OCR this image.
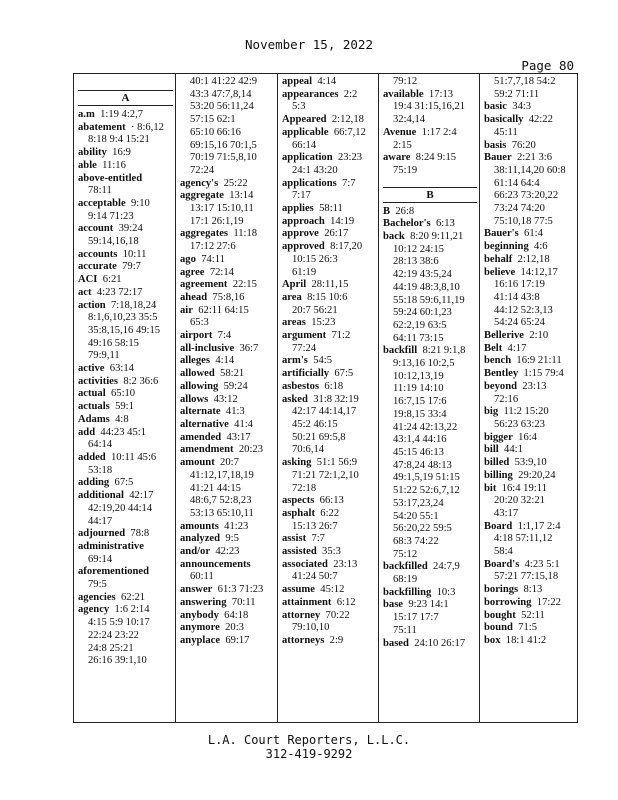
November 15, 2022
Page 80
A
a.m 1:19 4:2,7
abatement · 8:6,12
8:18 9:4 15:21
ability 16:9
able 11:16
above-entitled
78:11
acceptable 9:10
9:14 71:23
account 39:24
59:14,16,18
accounts 10:11
accurate 79:7
ACI 6:21
act 4:23 72:17
action 7:18,18,24
8:1,6,10,23 35:5
35:8,15,16 49:15
49:16 58:15
79:9,11
active 63:14
activities 8:2 36:6
actual 65:10
actuals 59:1
Adams 4:8
add 44:23 45:1
64:14
added 10:11 45:6
53:18
adding 67:5
additional 42:17
42:19,20 44:14
44:17
adjourned 78:8
administrative
69:14
aforementioned
79:5
agencies 62:21
agency 1:6 2:14
4:15 5:9 10:17
22:24 23:22
24:8 25:21
26:16 39:1,10
40:1 41:22 42:9
43:3 47:7,8,14
53:20 56:11,24
57:15 62:1
65:10 66:16
69:15,16 70:1,5
70:19 71:5,8,10
72:24
agency's 25:22
aggregate 13:14
13:17 15:10,11
17:1 26:1,19
aggregates 11:18
17:12 27:6
ago 74:11
agree 72:14
agreement 22:15
ahead 75:8,16
air 62:11 64:15
65:3
airport 7:4
all-inclusive 36:7
alleges 4:14
allowed 58:21
allowing 59:24
allows 43:12
alternate 41:3
alternative 41:4
amended 43:17
amendment 20:23
amount 20:7
41:12,17,18,19
41:21 44:15
48:6,7 52:8,23
53:13 65:10,11
amounts 41:23
analyzed 9:5
and/or 42:23
announcements
60:11
answer 61:3 71:23
answering 70:11
anybody 64:18
anymore 20:3
anyplace 69:17
appeal 4:14
appearances 2:2
5:3
Appeared 2:12,18
applicable 66:7,12
66:14
application 23:23
24:1 43:20
applications 7:7
7:17
applies 58:11
approach 14:19
approve 26:17
approved 8:17,20
10:15 26:3
61:19
April 28:11,15
area 8:15 10:6
20:7 56:21
areas 15:23
argument 71:2
77:24
arm's 54:5
artificially 67:5
asbestos 6:18
asked 31:8 32:19
42:17 44:14,17
45:2 46:15
50:21 69:5,8
70:6,14
asking 51:1 56:9
71:21 72:1,2,10
72:18
aspects 66:13
asphalt 6:22
15:13 26:7
assist 7:7
assisted 35:3
associated 23:13
41:24 50:7
assume 45:12
attainment 6:12
attorney 70:22
79:10,10
attorneys 2:9
79:12
available 17:13
19:4 31:15,16,21
32:4,14
Avenue 1:17 2:4
2:15
aware 8:24 9:15
75:19
B
B 26:8
Bachelor's 6:13
back 8:20 9:11,21
10:12 24:15
28:13 38:6
42:19 43:5,24
44:19 48:3,8,10
55:18 59:6,11,19
59:24 60:1,23
62:2,19 63:5
64:11 73:15
backfill 8:21 9:1,8
9:13,16 10:2,5
10:12,13,19
11:19 14:10
16:7,15 17:6
19:8,15 33:4
41:24 42:13,22
43:1,4 44:16
45:15 46:13
47:8,24 48:13
49:1,5,19 51:15
51:22 52:6,7,12
53:17,23,24
54:20 55:1
56:20,22 59:5
68:3 74:22
75:12
backfilled 24:7,9
68:19
backfilling 10:3
base 9:23 14:1
15:17 17:7
75:11
based 24:10 26:17
51:7,7,18 54:2
59:2 71:11
basic 34:3
basically 42:22
45:11
basis 76:20
Bauer 2:21 3:6
38:11,14,20 60:8
61:14 64:4
66:23 73:20,22
73:24 74:20
75:10,18 77:5
Bauer's 61:4
beginning 4:6
behalf 2:12,18
believe 14:12,17
16:16 17:19
41:14 43:8
44:12 52:3,13
54:24 65:24
Bellerive 2:10
Belt 4:17
bench 16:9 21:11
Bentley 1:15 79:4
beyond 23:13
72:16
big 11:2 15:20
56:23 63:23
bigger 16:4
bill 44:1
billed 53:9,10
billing 29:20,24
bit 16:4 19:11
20:20 32:21
43:17
Board 1:1,17 2:4
4:18 57:11,12
58:4
Board's 4:23 5:1
57:21 77:15,18
borings 8:13
borrowing 17:22
bought 52:11
bound 71:5
box 18:1 41:2
L.A. Court Reporters, L.L.C.
312-419-9292
